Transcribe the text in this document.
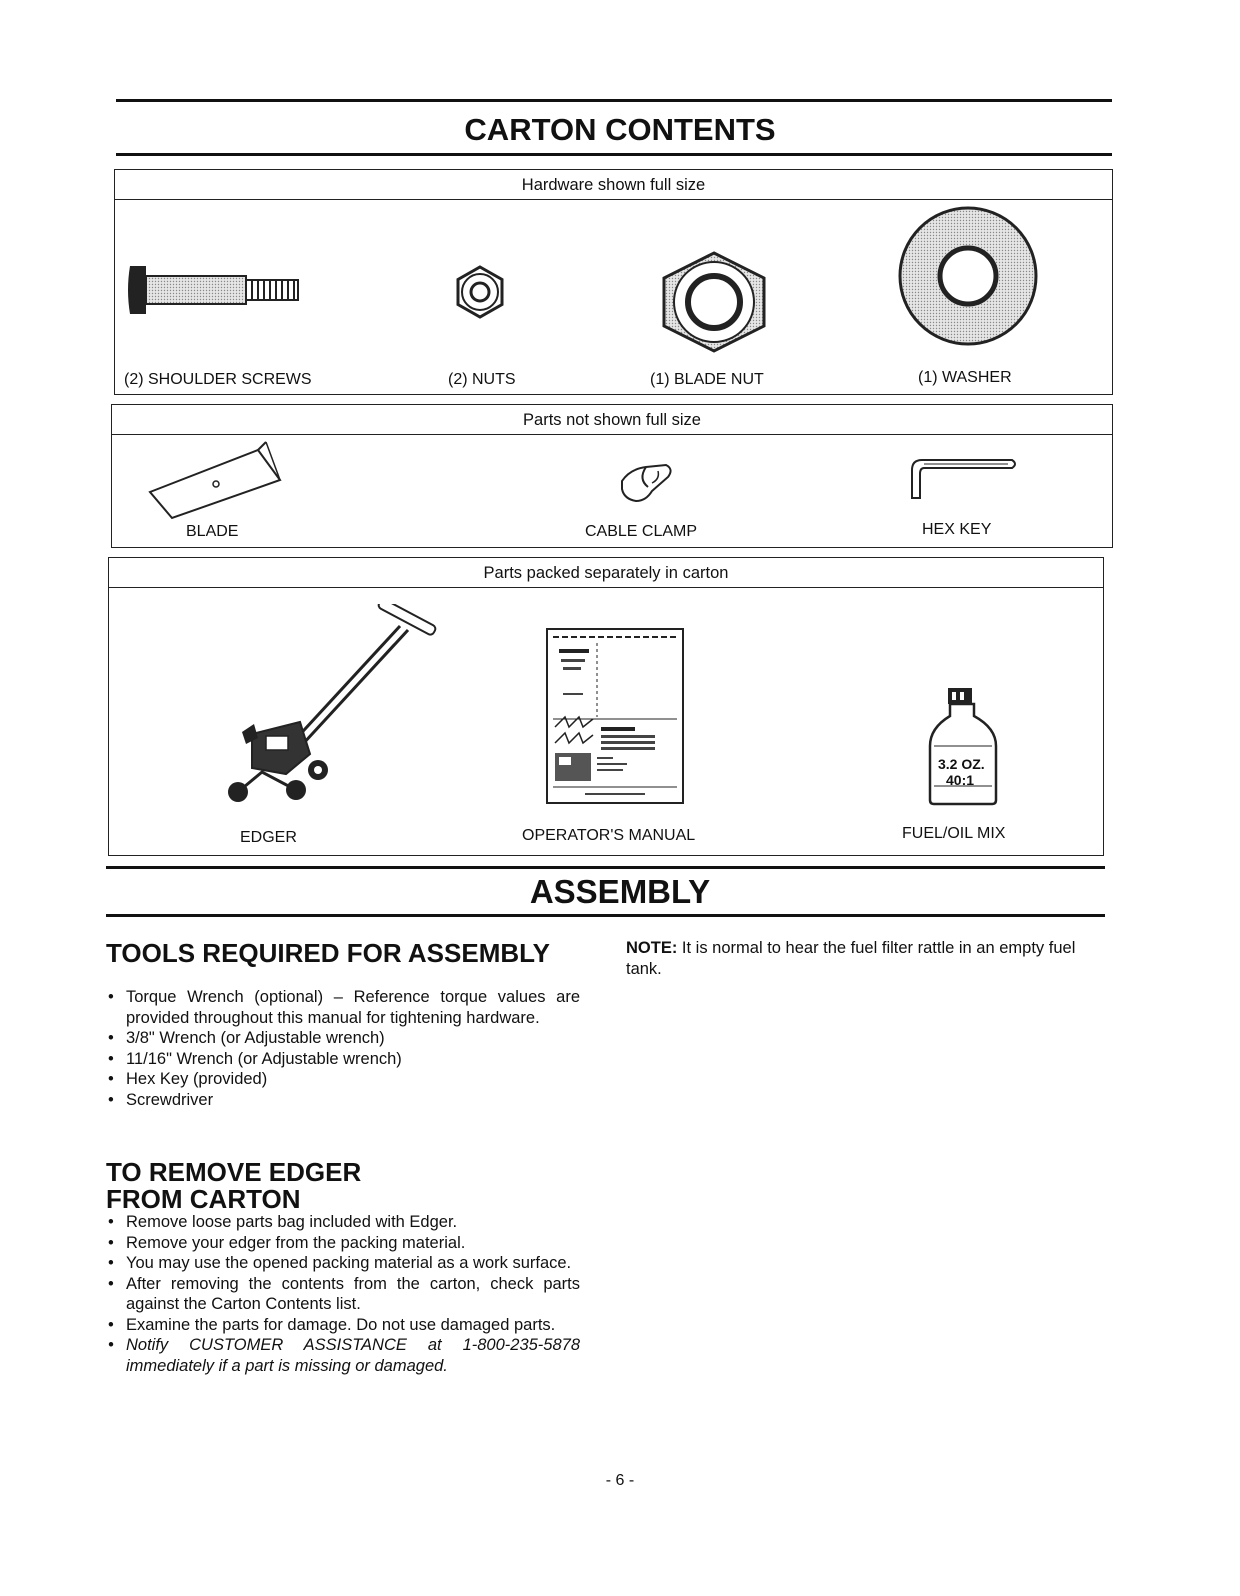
CARTON CONTENTS
Hardware shown full size
(2) SHOULDER SCREWS	(2) NUTS	(1) BLADE NUT	(1) WASHER
Parts not shown full size
BLADE	CABLE CLAMP	HEX KEY
Parts packed separately in carton
3.2 OZ.
40:1
EDGER	OPERATOR'S MANUAL	FUEL/OIL MIX
ASSEMBLY
TOOLS REQUIRED FOR ASSEMBLY
• Torque Wrench (optional) – Reference torque values are provided throughout this manual for tightening hardware.
• 3/8" Wrench (or Adjustable wrench)
• 11/16" Wrench (or Adjustable wrench)
• Hex Key (provided)
• Screwdriver
TO REMOVE EDGER
FROM CARTON
• Remove loose parts bag included with Edger.
• Remove your edger from the packing material.
• You may use the opened packing material as a work surface.
• After removing the contents from the carton, check parts against the Carton Contents list.
• Examine the parts for damage. Do not use damaged parts.
• Notify CUSTOMER ASSISTANCE at 1-800-235-5878 immediately if a part is missing or damaged.
NOTE: It is normal to hear the fuel filter rattle in an empty fuel tank.
- 6 -
